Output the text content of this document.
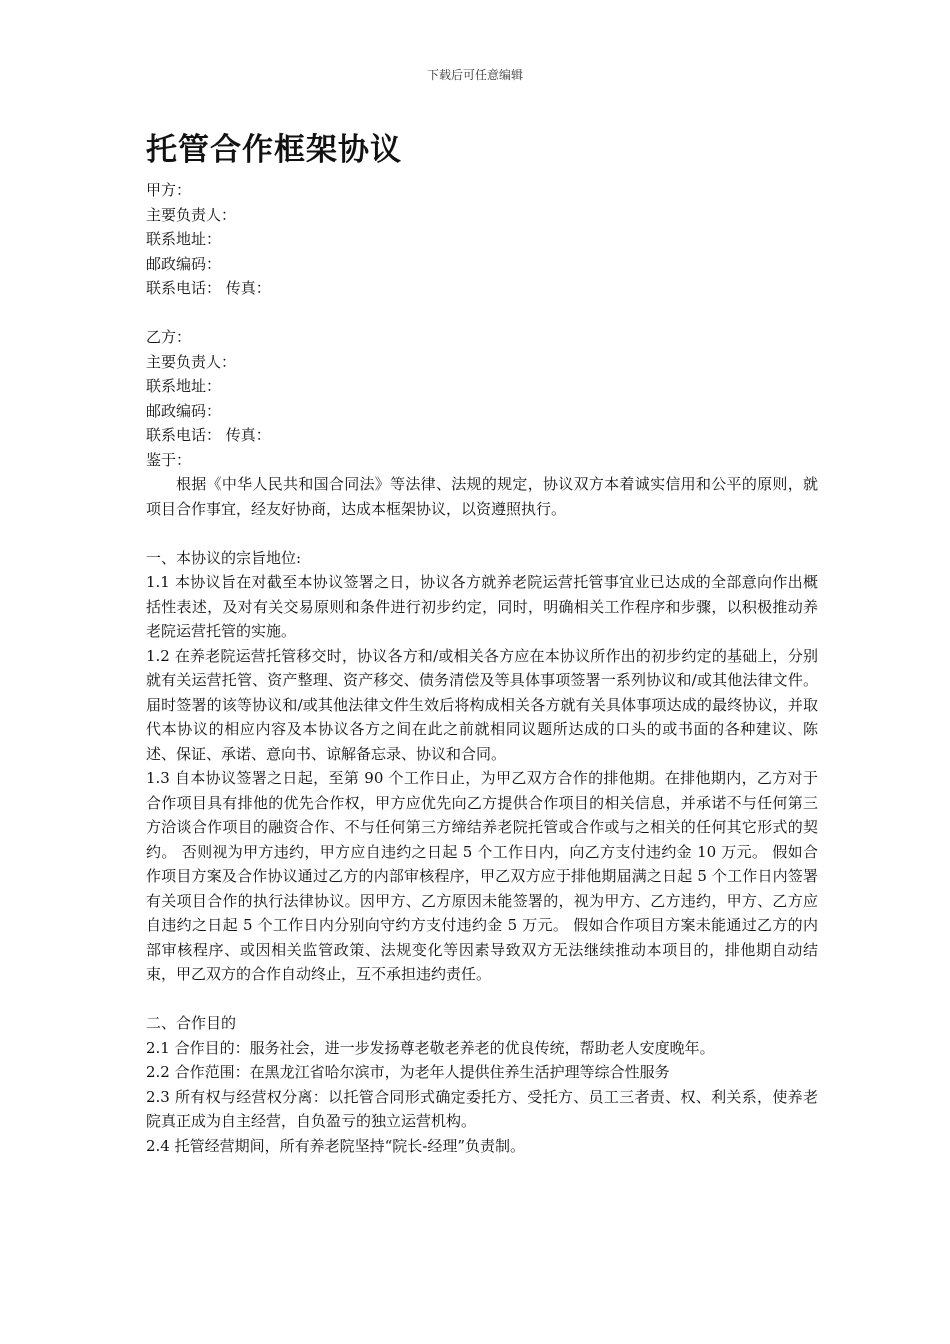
下载后可任意编辑
托管合作框架协议

甲方：

主要负责人：

联系地址：

邮政编码：

联系电话： 传真：

乙方：

主要负责人：

联系地址：

邮政编码：

联系电话： 传真：

鉴于：

根据《中华人民共和国合同法》等法律、法规的规定，协议双方本着诚实信用和公平的原则，就项目合作事宜，经友好协商，达成本框架协议，以资遵照执行。

一、本协议的宗旨地位:

1.1 本协议旨在对截至本协议签署之日，协议各方就养老院运营托管事宜业已达成的全部意向作出概括性表述，及对有关交易原则和条件进行初步约定，同时，明确相关工作程序和步骤，以积极推动养老院运营托管的实施。

1.2 在养老院运营托管移交时，协议各方和/或相关各方应在本协议所作出的初步约定的基础上，分别就有关运营托管、资产整理、资产移交、债务清偿及等具体事项签署一系列协议和/或其他法律文件。届时签署的该等协议和/或其他法律文件生效后将构成相关各方就有关具体事项达成的最终协议，并取代本协议的相应内容及本协议各方之间在此之前就相同议题所达成的口头的或书面的各种建议、陈述、保证、承诺、意向书、谅解备忘录、协议和合同。

1.3 自本协议签署之日起，至第 90 个工作日止，为甲乙双方合作的排他期。在排他期内，乙方对于合作项目具有排他的优先合作权，甲方应优先向乙方提供合作项目的相关信息，并承诺不与任何第三方洽谈合作项目的融资合作、不与任何第三方缔结养老院托管或合作或与之相关的任何其它形式的契约。 否则视为甲方违约，甲方应自违约之日起 5 个工作日内，向乙方支付违约金 10 万元。 假如合作项目方案及合作协议通过乙方的内部审核程序，甲乙双方应于排他期届满之日起 5 个工作日内签署有关项目合作的执行法律协议。因甲方、乙方原因未能签署的，视为甲方、乙方违约，甲方、乙方应自违约之日起 5 个工作日内分别向守约方支付违约金 5 万元。 假如合作项目方案未能通过乙方的内部审核程序、或因相关监管政策、法规变化等因素导致双方无法继续推动本项目的，排他期自动结束，甲乙双方的合作自动终止，互不承担违约责任。

二、合作目的

2.1 合作目的：服务社会，进一步发扬尊老敬老养老的优良传统，帮助老人安度晚年。

2.2 合作范围：在黑龙江省哈尔滨市，为老年人提供住养生活护理等综合性服务

2.3 所有权与经营权分离：以托管合同形式确定委托方、受托方、员工三者责、权、利关系，使养老院真正成为自主经营，自负盈亏的独立运营机构。

2.4 托管经营期间，所有养老院坚持“院长-经理”负责制。
